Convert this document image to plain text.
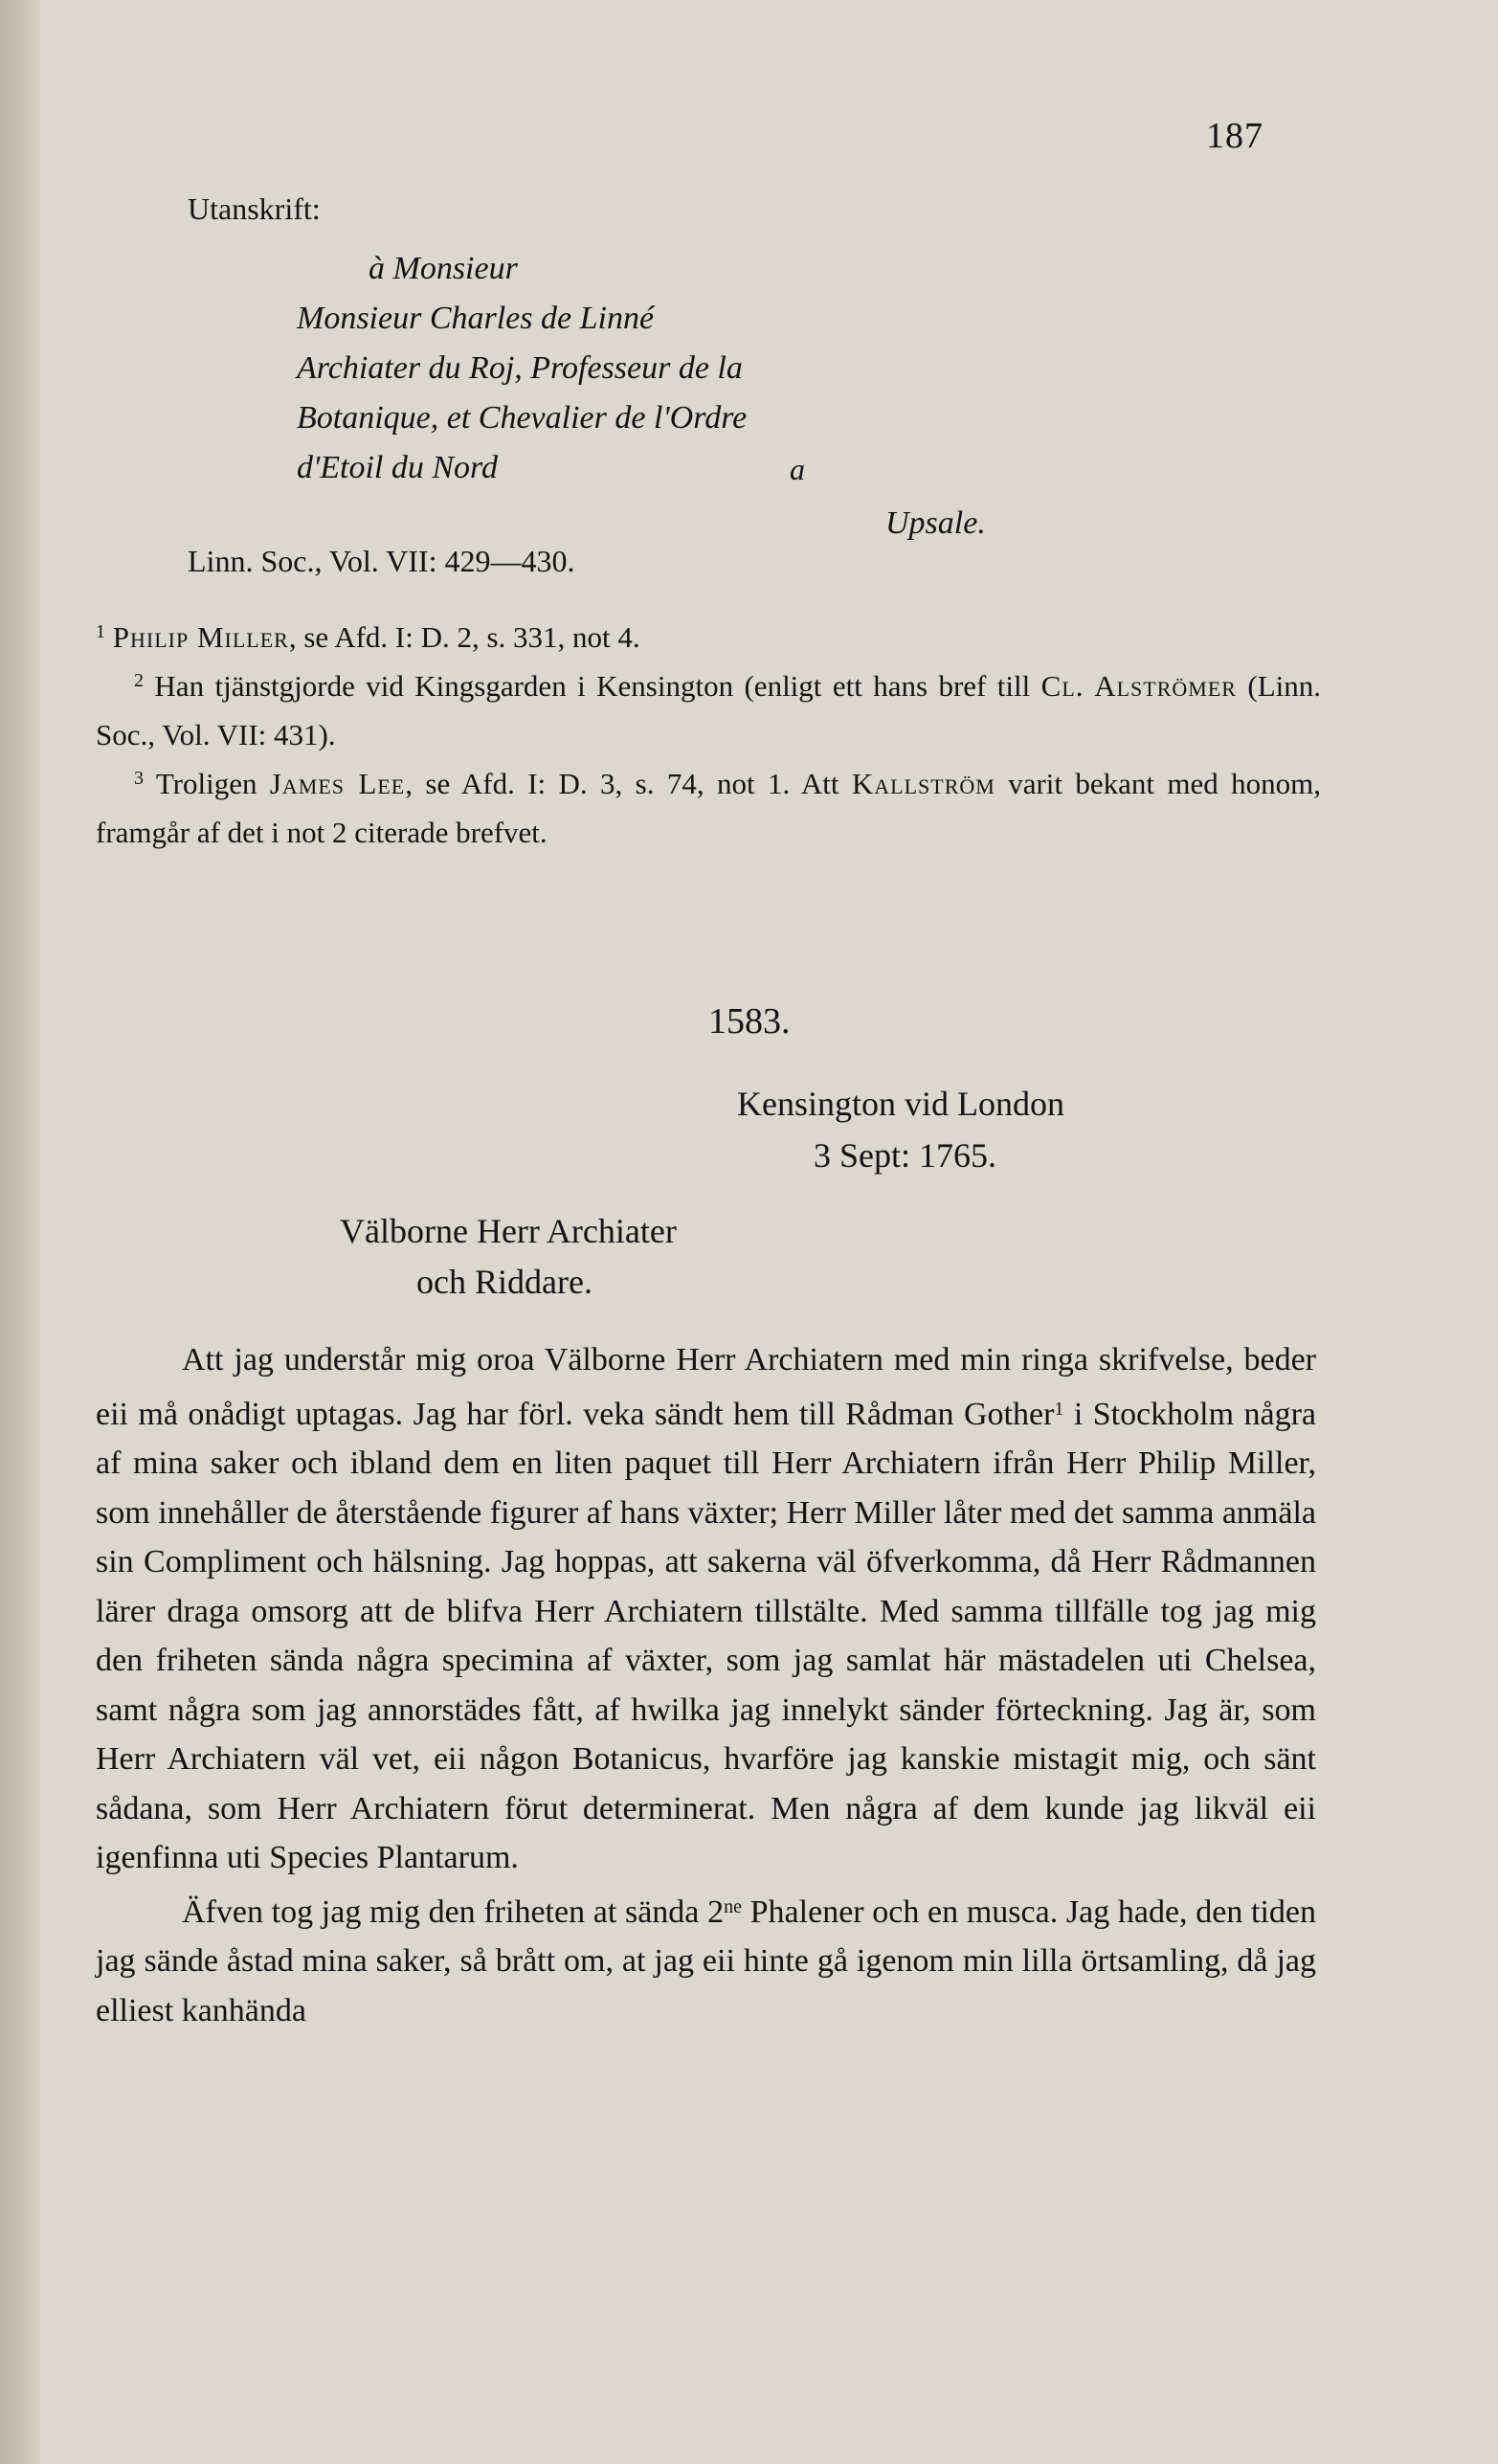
187
Utanskrift:
à Monsieur
Monsieur Charles de Linné
Archiater du Roj, Professeur de la
Botanique, et Chevalier de l'Ordre
d'Etoil du Nord	a
Upsale.
Linn. Soc., Vol. VII: 429—430.
$^1$ Philip Miller, se Afd. I: D. 2, s. 331, not 4.
$^2$ Han tjänstgjorde vid Kingsgarden i Kensington (enligt ett hans bref till Cl. Alströmer (Linn. Soc., Vol. VII: 431).
$^3$ Troligen James Lee, se Afd. I: D. 3, s. 74, not 1. Att Kallström varit bekant med honom, framgår af det i not 2 citerade brefvet.
1583.
Kensington vid London
3 Sept: 1765.
Välborne Herr Archiater
och Riddare.

Att jag understår mig oroa Välborne Herr Archiatern med min ringa skrifvelse, beder eii må onådigt uptagas. Jag har förl. veka sändt hem till Rådman Gother$^1$ i Stockholm några af mina saker och ibland dem en liten paquet till Herr Archiatern ifrån Herr Philip Miller, som innehåller de återstående figurer af hans växter; Herr Miller låter med det samma anmäla sin Compliment och hälsning. Jag hoppas, att sakerna väl öfverkomma, då Herr Rådmannen lärer draga omsorg att de blifva Herr Archiatern tillstälte. Med samma tillfälle tog jag mig den friheten sända några specimina af växter, som jag samlat här mästadelen uti Chelsea, samt några som jag annorstädes fått, af hwilka jag innelykt sänder förteckning. Jag är, som Herr Archiatern väl vet, eii någon Botanicus, hvarföre jag kanskie mistagit mig, och sänt sådana, som Herr Archiatern förut determinerat. Men några af dem kunde jag likväl eii igenfinna uti Species Plantarum.

Äfven tog jag mig den friheten at sända $2^{ne}$ Phalener och en musca. Jag hade, den tiden jag sände åstad mina saker, så brått om, at jag eii hinte gå igenom min lilla örtsamling, då jag elliest kanhända
